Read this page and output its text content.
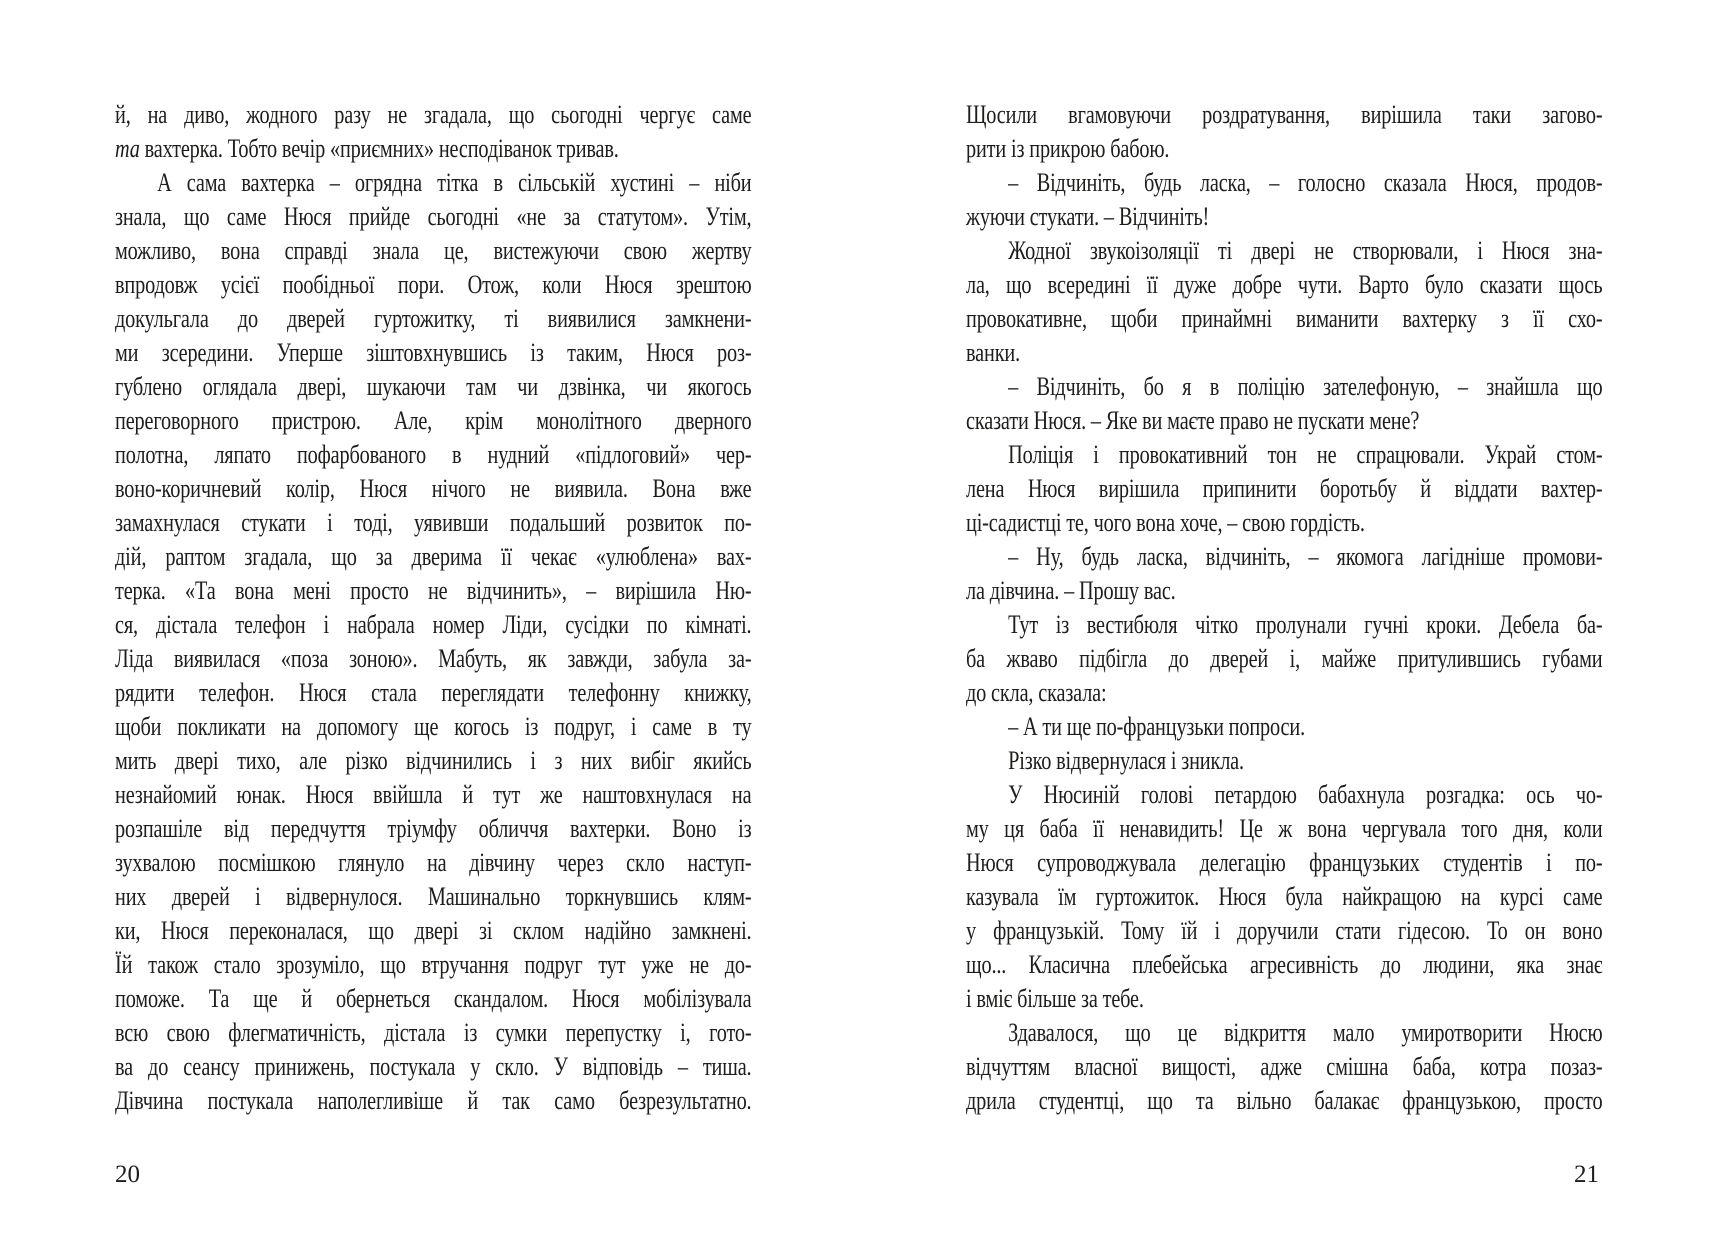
й, на диво, жодного разу не згадала, що сьогодні чергує саме
та вахтерка. Тобто вечір «приємних» несподіванок тривав.
А сама вахтерка – огрядна тітка в сільській хустині – ніби
знала, що саме Нюся прийде сьогодні «не за статутом». Утім,
можливо, вона справді знала це, вистежуючи свою жертву
впродовж усієї пообідньої пори. Отож, коли Нюся зрештою
докульгала до дверей гуртожитку, ті виявилися замкнени-
ми зсередини. Уперше зіштовхнувшись із таким, Нюся роз-
гублено оглядала двері, шукаючи там чи дзвінка, чи якогось
переговорного пристрою. Але, крім монолітного дверного
полотна, ляпато пофарбованого в нудний «підлоговий» чер-
воно-коричневий колір, Нюся нічого не виявила. Вона вже
замахнулася стукати і тоді, уявивши подальший розвиток по-
дій, раптом згадала, що за дверима її чекає «улюблена» вах-
терка. «Та вона мені просто не відчинить», – вирішила Ню-
ся, дістала телефон і набрала номер Ліди, сусідки по кімнаті.
Ліда виявилася «поза зоною». Мабуть, як завжди, забула за-
рядити телефон. Нюся стала переглядати телефонну книжку,
щоби покликати на допомогу ще когось із подруг, і саме в ту
мить двері тихо, але різко відчинились і з них вибіг якийсь
незнайомий юнак. Нюся ввійшла й тут же наштовхнулася на
розпашіле від передчуття тріумфу обличчя вахтерки. Воно із
зухвалою посмішкою глянуло на дівчину через скло наступ-
них дверей і відвернулося. Машинально торкнувшись клям-
ки, Нюся переконалася, що двері зі склом надійно замкнені.
Їй також стало зрозуміло, що втручання подруг тут уже не до-
поможе. Та ще й обернеться скандалом. Нюся мобілізувала
всю свою флегматичність, дістала із сумки перепустку і, гото-
ва до сеансу принижень, постукала у скло. У відповідь – тиша.
Дівчина постукала наполегливіше й так само безрезультатно.
20
Щосили вгамовуючи роздратування, вирішила таки загово-
рити із прикрою бабою.
– Відчиніть, будь ласка, – голосно сказала Нюся, продов-
жуючи стукати. – Відчиніть!
Жодної звукоізоляції ті двері не створювали, і Нюся зна-
ла, що всередині її дуже добре чути. Варто було сказати щось
провокативне, щоби принаймні виманити вахтерку з її схо-
ванки.
– Відчиніть, бо я в поліцію зателефоную, – знайшла що
сказати Нюся. – Яке ви маєте право не пускати мене?
Поліція і провокативний тон не спрацювали. Украй стом-
лена Нюся вирішила припинити боротьбу й віддати вахтер-
ці-садистці те, чого вона хоче, – свою гордість.
– Ну, будь ласка, відчиніть, – якомога лагідніше промови-
ла дівчина. – Прошу вас.
Тут із вестибюля чітко пролунали гучні кроки. Дебела ба-
ба жваво підбігла до дверей і, майже притулившись губами
до скла, сказала:
– А ти ще по-французьки попроси.
Різко відвернулася і зникла.
У Нюсиній голові петардою бабахнула розгадка: ось чо-
му ця баба її ненавидить! Це ж вона чергувала того дня, коли
Нюся супроводжувала делегацію французьких студентів і по-
казувала їм гуртожиток. Нюся була найкращою на курсі саме
у французькій. Тому їй і доручили стати гідесою. То он воно
що... Класична плебейська агресивність до людини, яка знає
і вміє більше за тебе.
Здавалося, що це відкриття мало умиротворити Нюсю
відчуттям власної вищості, адже смішна баба, котра позаз-
дрила студентці, що та вільно балакає французькою, просто
21
